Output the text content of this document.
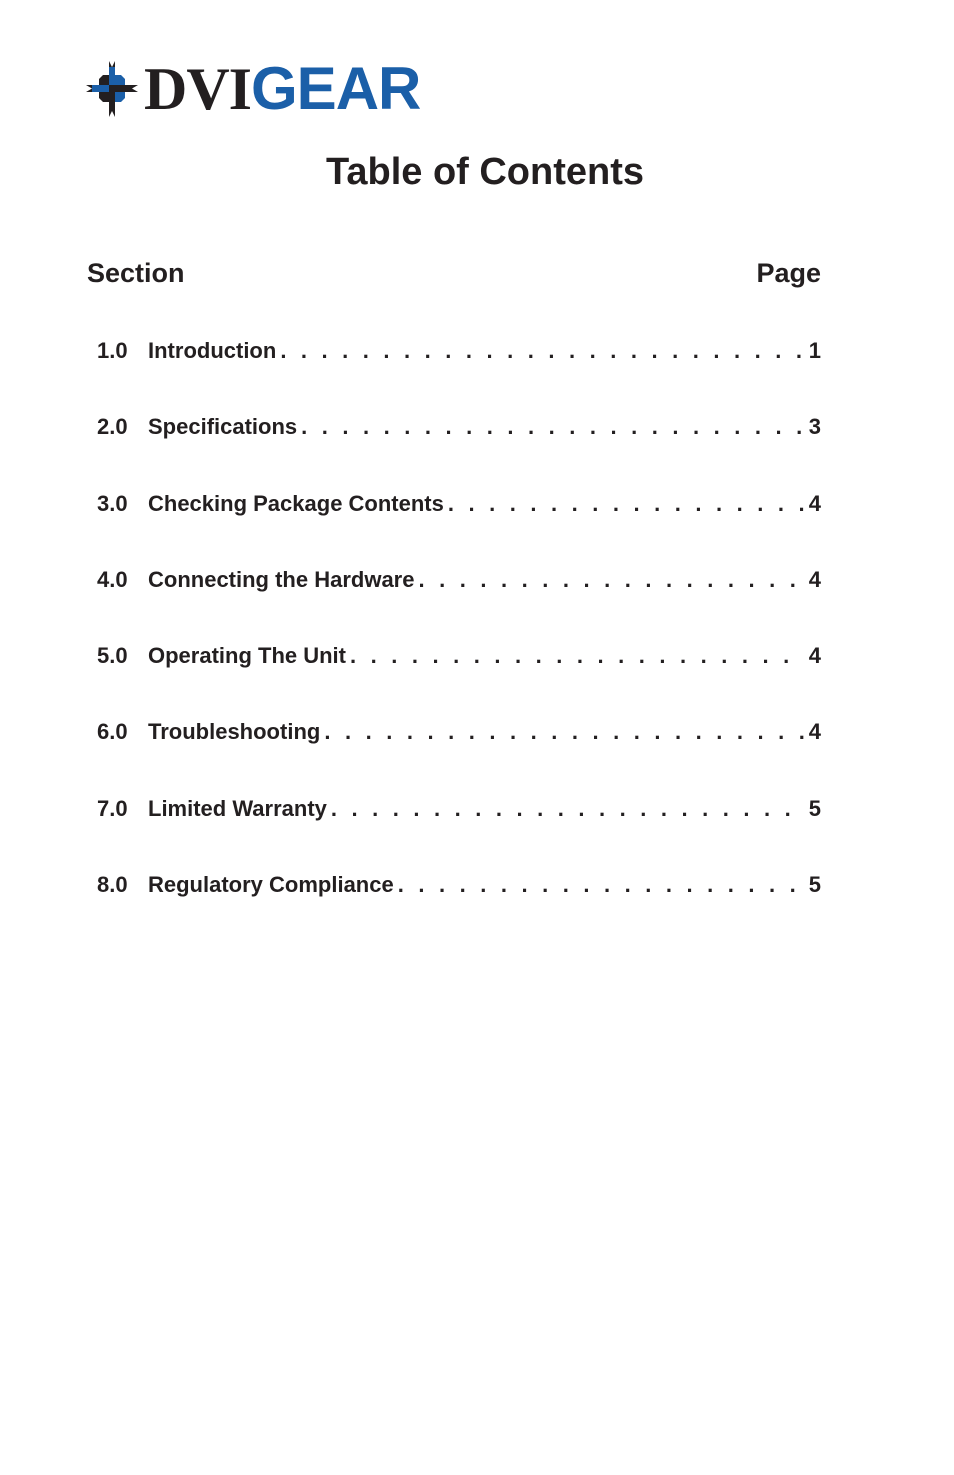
DVIGEAR
Table of Contents
Section	Page
1.0 Introduction . . .	1
2.0 Specifications . . .	3
3.0 Checking Package Contents . . .	4
4.0 Connecting the Hardware . . .	4
5.0 Operating The Unit . . .	4
6.0 Troubleshooting . . .	4
7.0 Limited Warranty . . .	5
8.0 Regulatory Compliance . . .	5
